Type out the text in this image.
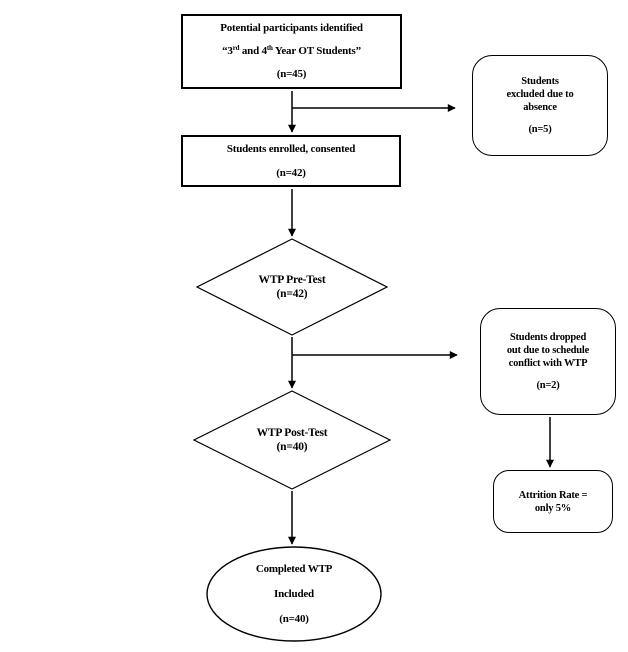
Potential participants identified
“3rd and 4th Year OT Students”
(n=45)
Students
excluded due to
absence
(n=5)
Students enrolled, consented
(n=42)
WTP Pre-Test
(n=42)
Students dropped
out due to schedule
conflict with WTP
(n=2)
WTP Post-Test
(n=40)
Attrition Rate =
only 5%
Completed WTP
Included
(n=40)
